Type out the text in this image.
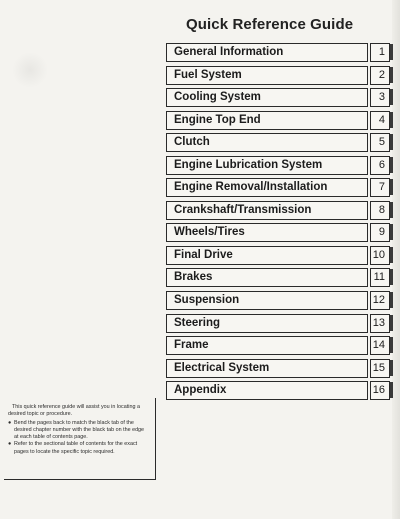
Quick Reference Guide
General Information	1
Fuel System	2
Cooling System	3
Engine Top End	4
Clutch	5
Engine Lubrication System	6
Engine Removal/Installation	7
Crankshaft/Transmission	8
Wheels/Tires	9
Final Drive	10
Brakes	11
Suspension	12
Steering	13
Frame	14
Electrical System	15
Appendix	16

This quick reference guide will assist you in locating a desired topic or procedure.

● Bend the pages back to match the black tab of the desired chapter number with the black tab on the edge at each table of contents page.
● Refer to the sectional table of contents for the exact pages to locate the specific topic required.
